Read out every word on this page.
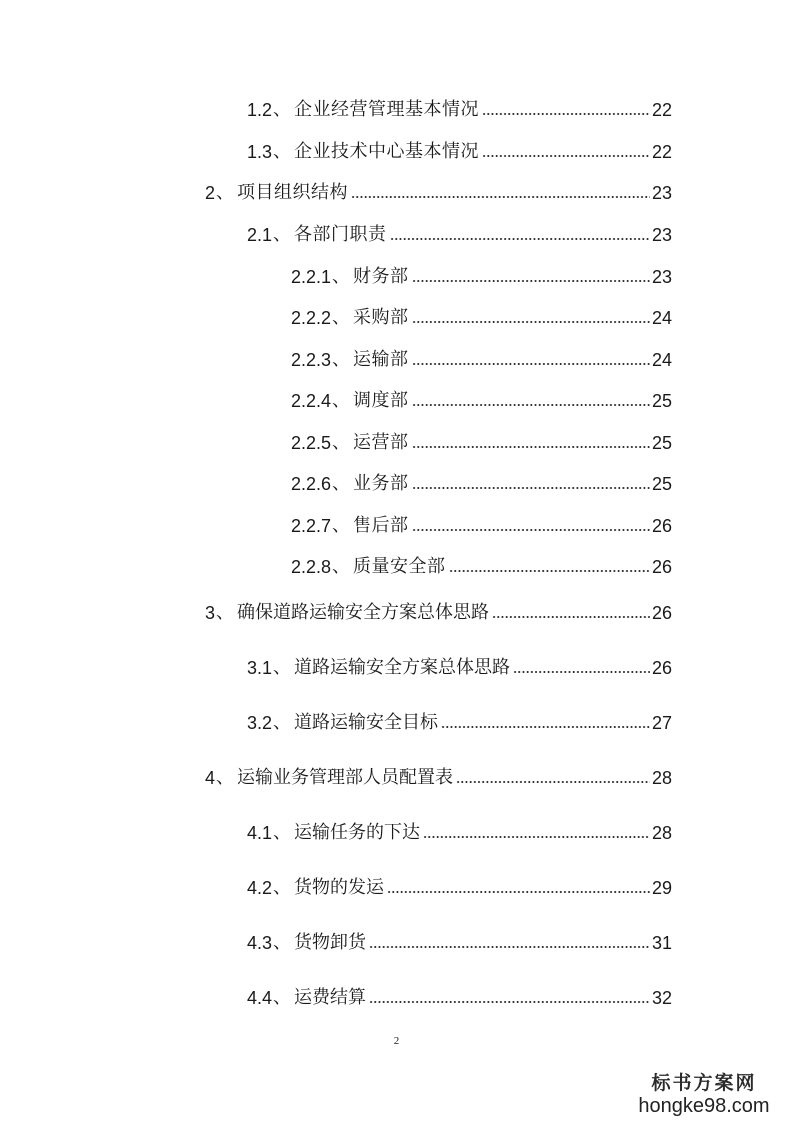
1.2 、 企业经营管理基本情况	22
1.3 、 企业技术中心基本情况	22
2 、 项目组织结构	23
2.1 、 各部门职责	23
2.2.1 、 财务部	23
2.2.2 、 采购部	24
2.2.3 、 运输部	24
2.2.4 、 调度部	25
2.2.5 、 运营部	25
2.2.6 、 业务部	25
2.2.7 、 售后部	26
2.2.8 、 质量安全部	26
3 、 确保道路运输安全方案总体思路	26
3.1 、 道路运输安全方案总体思路	26
3.2 、 道路运输安全目标	27
4 、 运输业务管理部人员配置表	28
4.1 、 运输任务的下达	28
4.2 、 货物的发运	29
4.3 、 货物卸货	31
4.4 、 运费结算	32
2
标书方案网
hongke98.com
